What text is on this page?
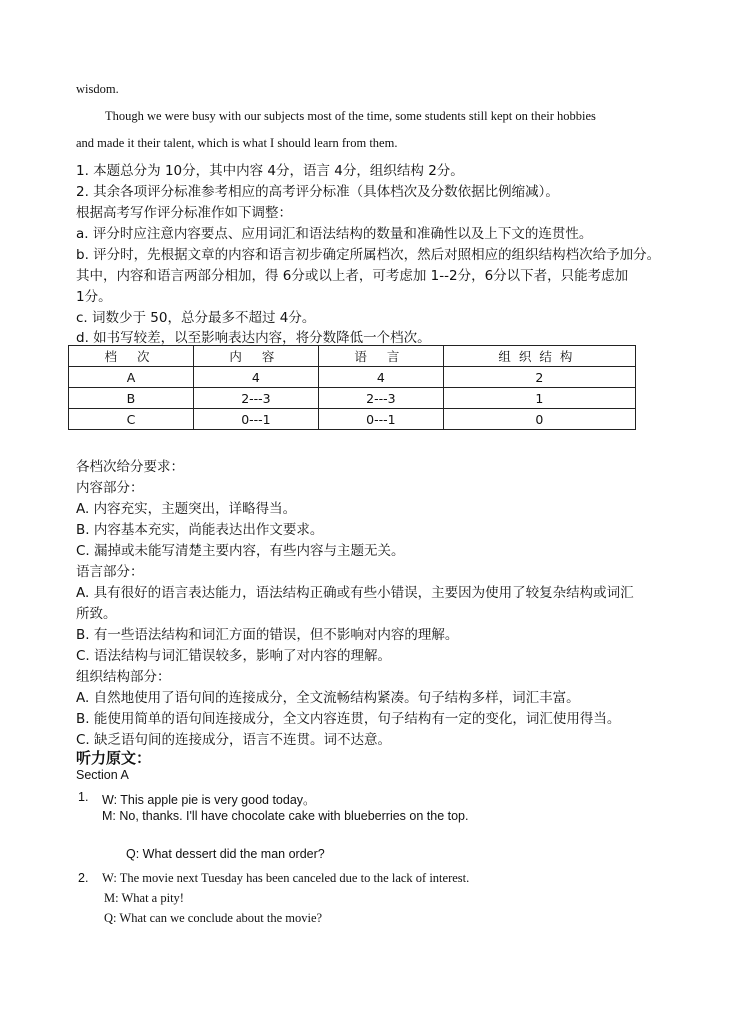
wisdom.
Though we were busy with our subjects most of the time, some students still kept on their hobbies
and made it their talent, which is what I should learn from them.
1. 本题总分为 10分，其中内容 4分，语言 4分，组织结构 2分。
2. 其余各项评分标准参考相应的高考评分标准（具体档次及分数依据比例缩减）。
根据高考写作评分标准作如下调整：
a. 评分时应注意内容要点、应用词汇和语法结构的数量和准确性以及上下文的连贯性。
b. 评分时，先根据文章的内容和语言初步确定所属档次，然后对照相应的组织结构档次给予加分。
其中，内容和语言两部分相加，得 6分或以上者，可考虑加 1--2分，6分以下者，只能考虑加
1分。
c. 词数少于 50，总分最多不超过 4分。
d. 如书写较差，以至影响表达内容，将分数降低一个档次。
档 次	内 容	语 言	组织结构
A	4	4	2
B	2---3	2---3	1
C	0---1	0---1	0
各档次给分要求：
内容部分：
A. 内容充实，主题突出，详略得当。
B. 内容基本充实，尚能表达出作文要求。
C. 漏掉或未能写清楚主要内容，有些内容与主题无关。
语言部分：
A. 具有很好的语言表达能力，语法结构正确或有些小错误，主要因为使用了较复杂结构或词汇
所致。
B. 有一些语法结构和词汇方面的错误，但不影响对内容的理解。
C. 语法结构与词汇错误较多，影响了对内容的理解。
组织结构部分：
A. 自然地使用了语句间的连接成分，全文流畅结构紧凑。句子结构多样，词汇丰富。
B. 能使用简单的语句间连接成分，全文内容连贯，句子结构有一定的变化，词汇使用得当。
C. 缺乏语句间的连接成分，语言不连贯。词不达意。
听力原文：
Section A
1. W: This apple pie is very good today。
M: No, thanks. I'll have chocolate cake with blueberries on the top.
Q: What dessert did the man order?
2. W: The movie next Tuesday has been canceled due to the lack of interest.
M: What a pity!
Q: What can we conclude about the movie?
